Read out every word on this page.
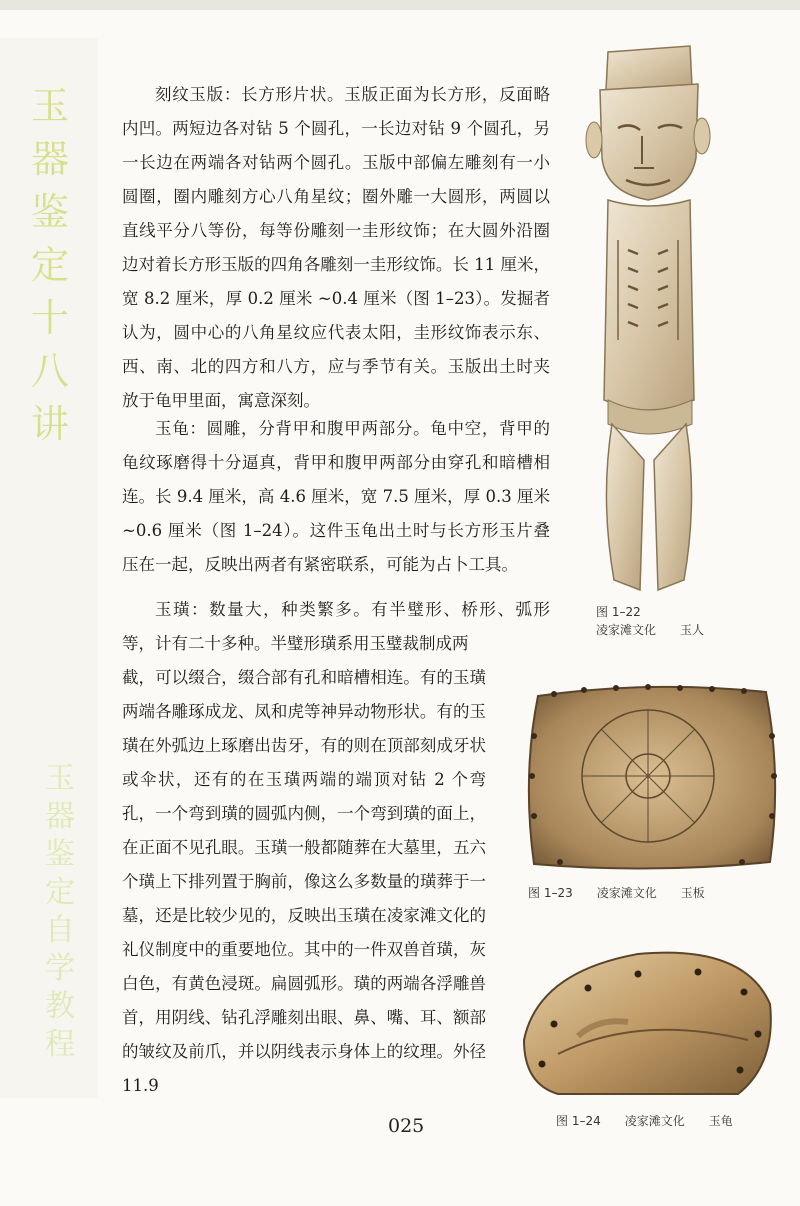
玉
器
鉴
定
十
八
讲
玉
器
鉴
定
自
学
教
程

刻纹玉版：长方形片状。玉版正面为长方形，反面略内凹。两短边各对钻 5 个圆孔，一长边对钻 9 个圆孔，另一长边在两端各对钻两个圆孔。玉版中部偏左雕刻有一小圆圈，圈内雕刻方心八角星纹；圈外雕一大圆形，两圆以直线平分八等份，每等份雕刻一圭形纹饰；在大圆外沿圈边对着长方形玉版的四角各雕刻一圭形纹饰。长 11 厘米，宽 8.2 厘米，厚 0.2 厘米 ~0.4 厘米（图 1–23）。发掘者认为，圆中心的八角星纹应代表太阳，圭形纹饰表示东、西、南、北的四方和八方，应与季节有关。玉版出土时夹放于龟甲里面，寓意深刻。

玉龟：圆雕，分背甲和腹甲两部分。龟中空，背甲的龟纹琢磨得十分逼真，背甲和腹甲两部分由穿孔和暗槽相连。长 9.4 厘米，高 4.6 厘米，宽 7.5 厘米，厚 0.3 厘米 ~0.6 厘米（图 1–24）。这件玉龟出土时与长方形玉片叠压在一起，反映出两者有紧密联系，可能为占卜工具。

玉璜：数量大，种类繁多。有半璧形、桥形、弧形等，计有二十多种。半璧形璜系用玉璧裁制成两

截，可以缀合，缀合部有孔和暗槽相连。有的玉璜两端各雕琢成龙、凤和虎等神异动物形状。有的玉璜在外弧边上琢磨出齿牙，有的则在顶部刻成牙状或伞状，还有的在玉璜两端的端顶对钻 2 个弯孔，一个弯到璜的圆弧内侧，一个弯到璜的面上，在正面不见孔眼。玉璜一般都随葬在大墓里，五六个璜上下排列置于胸前，像这么多数量的璜葬于一墓，还是比较少见的，反映出玉璜在凌家滩文化的礼仪制度中的重要地位。其中的一件双兽首璜，灰白色，有黄色浸斑。扁圆弧形。璜的两端各浮雕兽首，用阴线、钻孔浮雕刻出眼、鼻、嘴、耳、额部的皱纹及前爪，并以阴线表示身体上的纹理。外径 11.9

图 1–22
凌家滩文化　　玉人
图 1–23　　 凌家滩文化　　玉板
图 1–24　　 凌家滩文化　　玉龟
025
